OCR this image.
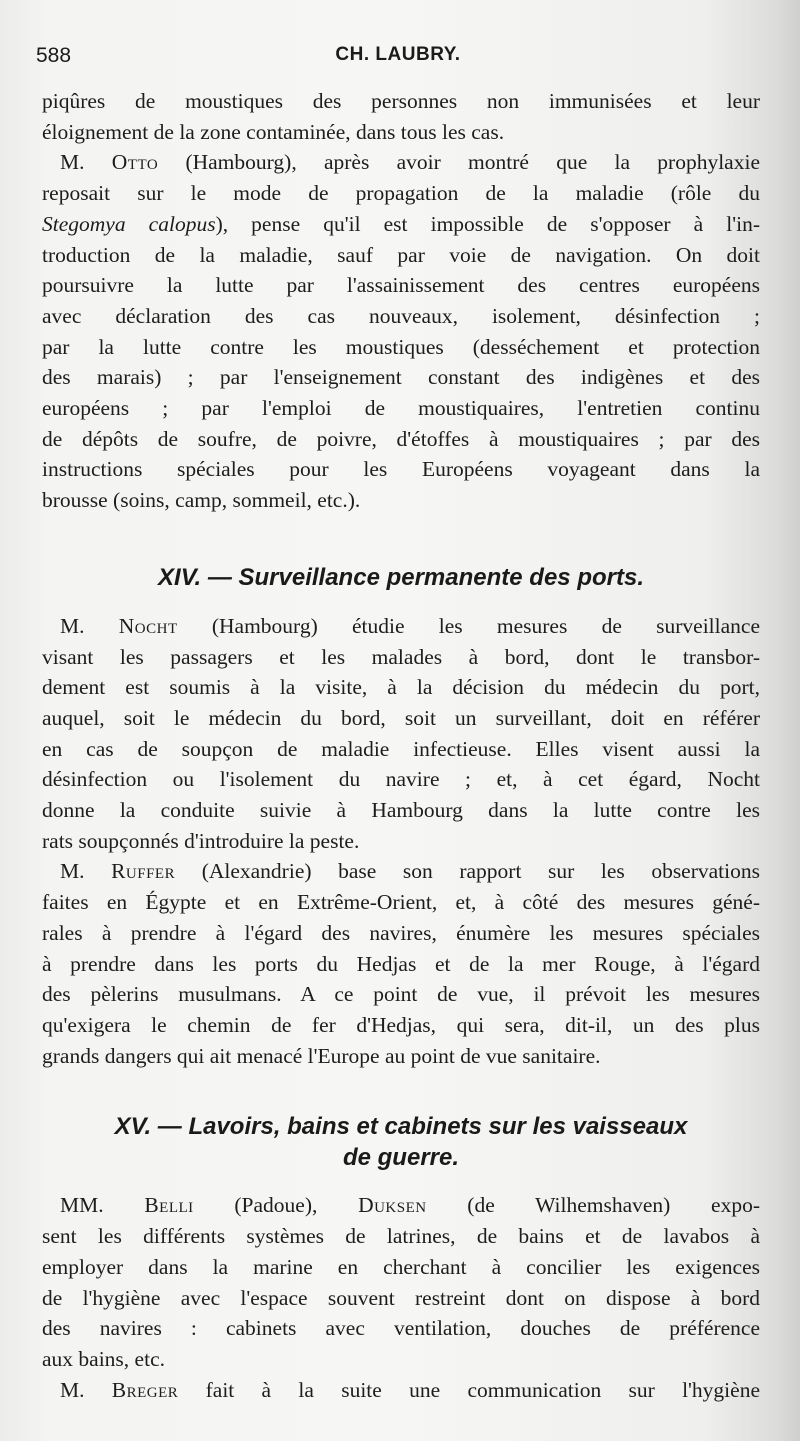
588	CH. LAUBRY.

piqûres de moustiques des personnes non immunisées et leur
éloignement de la zone contaminée, dans tous les cas.

M. Otto (Hambourg), après avoir montré que la prophylaxie
reposait sur le mode de propagation de la maladie (rôle du
Stegomya calopus), pense qu'il est impossible de s'opposer à l'in-
troduction de la maladie, sauf par voie de navigation. On doit
poursuivre la lutte par l'assainissement des centres européens
avec déclaration des cas nouveaux, isolement, désinfection ;
par la lutte contre les moustiques (desséchement et protection
des marais) ; par l'enseignement constant des indigènes et des
européens ; par l'emploi de moustiquaires, l'entretien continu
de dépôts de soufre, de poivre, d'étoffes à moustiquaires ; par des
instructions spéciales pour les Européens voyageant dans la
brousse (soins, camp, sommeil, etc.).

XIV. — Surveillance permanente des ports.

M. Nocht (Hambourg) étudie les mesures de surveillance
visant les passagers et les malades à bord, dont le transbor-
dement est soumis à la visite, à la décision du médecin du port,
auquel, soit le médecin du bord, soit un surveillant, doit en référer
en cas de soupçon de maladie infectieuse. Elles visent aussi la
désinfection ou l'isolement du navire ; et, à cet égard, Nocht
donne la conduite suivie à Hambourg dans la lutte contre les
rats soupçonnés d'introduire la peste.

M. Ruffer (Alexandrie) base son rapport sur les observations
faites en Égypte et en Extrême-Orient, et, à côté des mesures géné-
rales à prendre à l'égard des navires, énumère les mesures spéciales
à prendre dans les ports du Hedjas et de la mer Rouge, à l'égard
des pèlerins musulmans. A ce point de vue, il prévoit les mesures
qu'exigera le chemin de fer d'Hedjas, qui sera, dit-il, un des plus
grands dangers qui ait menacé l'Europe au point de vue sanitaire.

XV. — Lavoirs, bains et cabinets sur les vaisseaux
de guerre.

MM. Belli (Padoue), Duksen (de Wilhemshaven) expo-
sent les différents systèmes de latrines, de bains et de lavabos à
employer dans la marine en cherchant à concilier les exigences
de l'hygiène avec l'espace souvent restreint dont on dispose à bord
des navires : cabinets avec ventilation, douches de préférence
aux bains, etc.

M. Breger fait à la suite une communication sur l'hygiène
